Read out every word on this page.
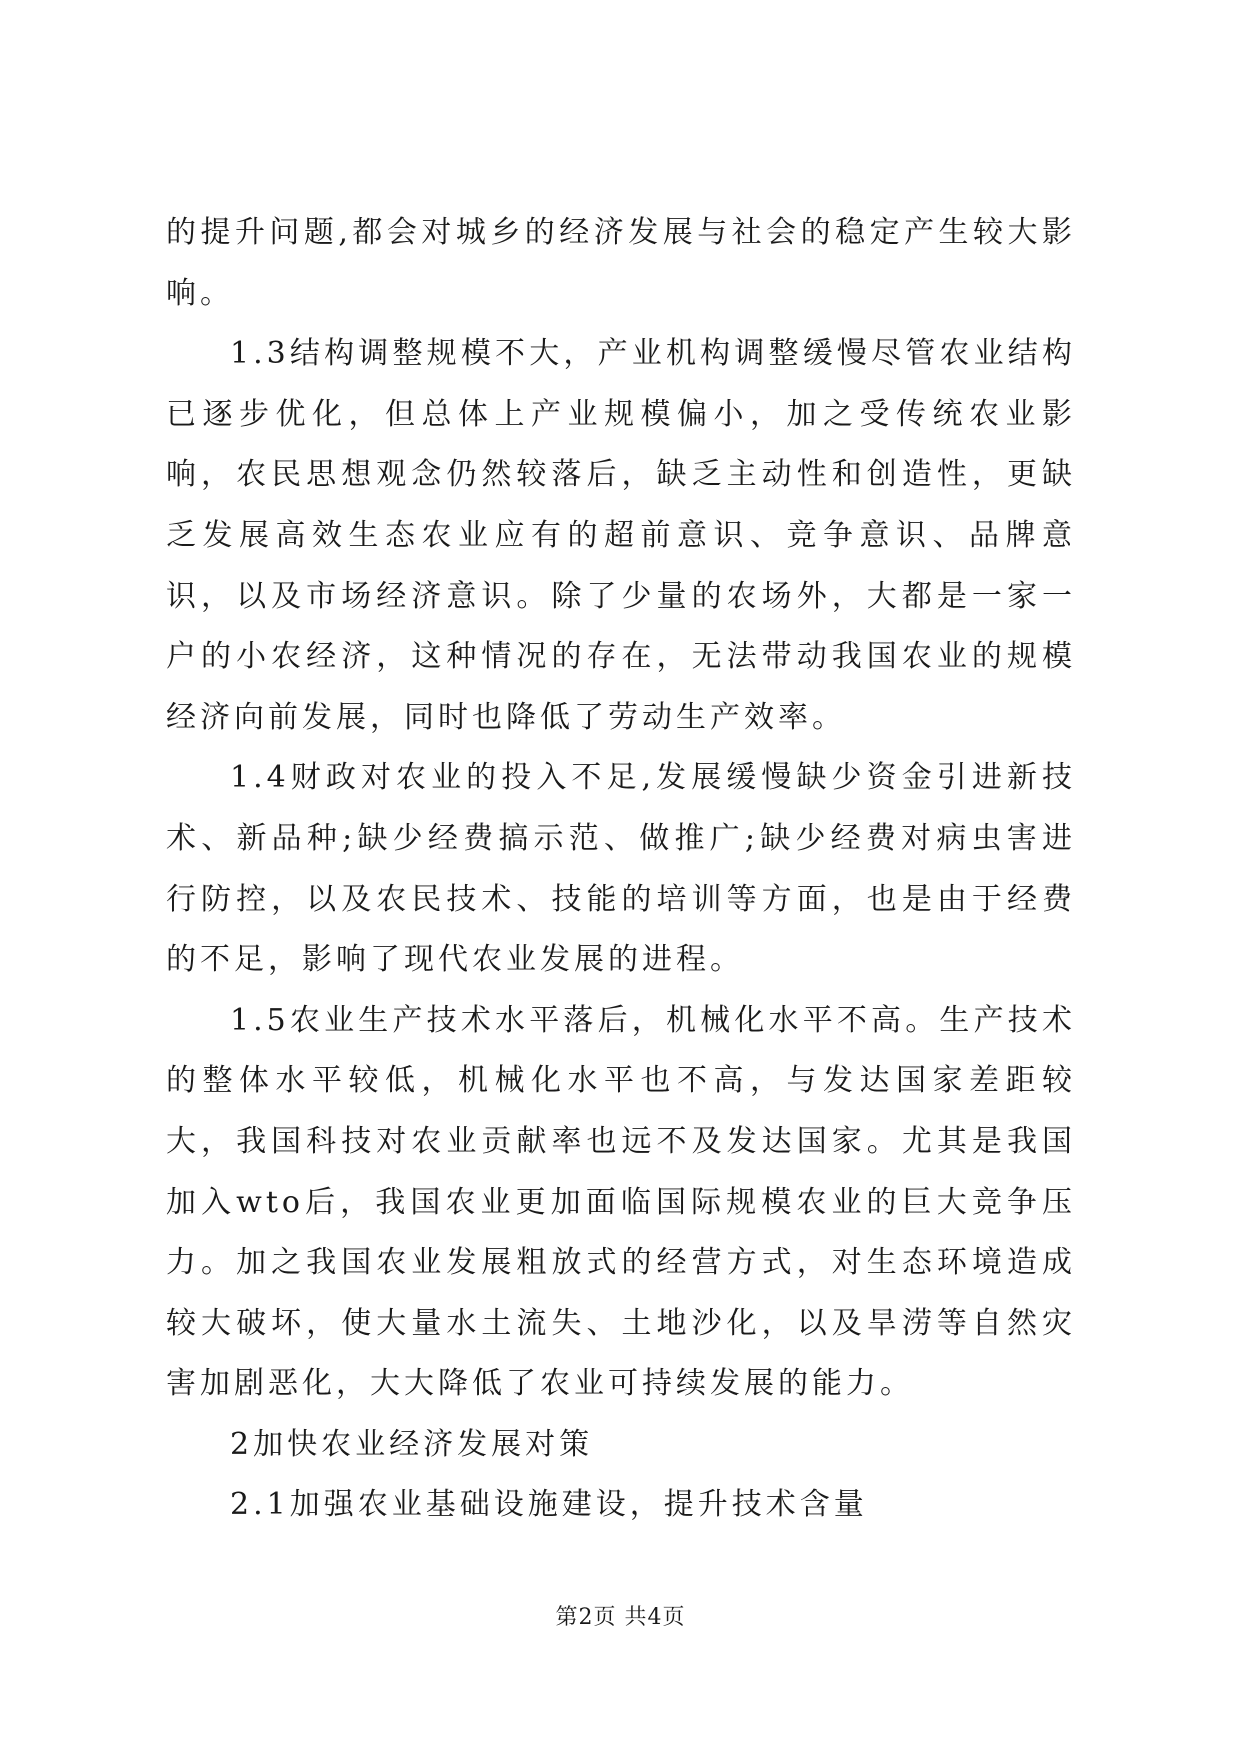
的提升问题,都会对城乡的经济发展与社会的稳定产生较大影响。

1.3结构调整规模不大，产业机构调整缓慢尽管农业结构已逐步优化，但总体上产业规模偏小，加之受传统农业影响，农民思想观念仍然较落后，缺乏主动性和创造性，更缺乏发展高效生态农业应有的超前意识、竞争意识、品牌意识，以及市场经济意识。除了少量的农场外，大都是一家一户的小农经济，这种情况的存在，无法带动我国农业的规模经济向前发展，同时也降低了劳动生产效率。

1.4财政对农业的投入不足,发展缓慢缺少资金引进新技术、新品种;缺少经费搞示范、做推广;缺少经费对病虫害进行防控，以及农民技术、技能的培训等方面，也是由于经费的不足，影响了现代农业发展的进程。

1.5农业生产技术水平落后，机械化水平不高。生产技术的整体水平较低，机械化水平也不高，与发达国家差距较大，我国科技对农业贡献率也远不及发达国家。尤其是我国加入wto后，我国农业更加面临国际规模农业的巨大竞争压力。加之我国农业发展粗放式的经营方式，对生态环境造成较大破坏，使大量水土流失、土地沙化，以及旱涝等自然灾害加剧恶化，大大降低了农业可持续发展的能力。

2加快农业经济发展对策

2.1加强农业基础设施建设，提升技术含量

第2页 共4页
